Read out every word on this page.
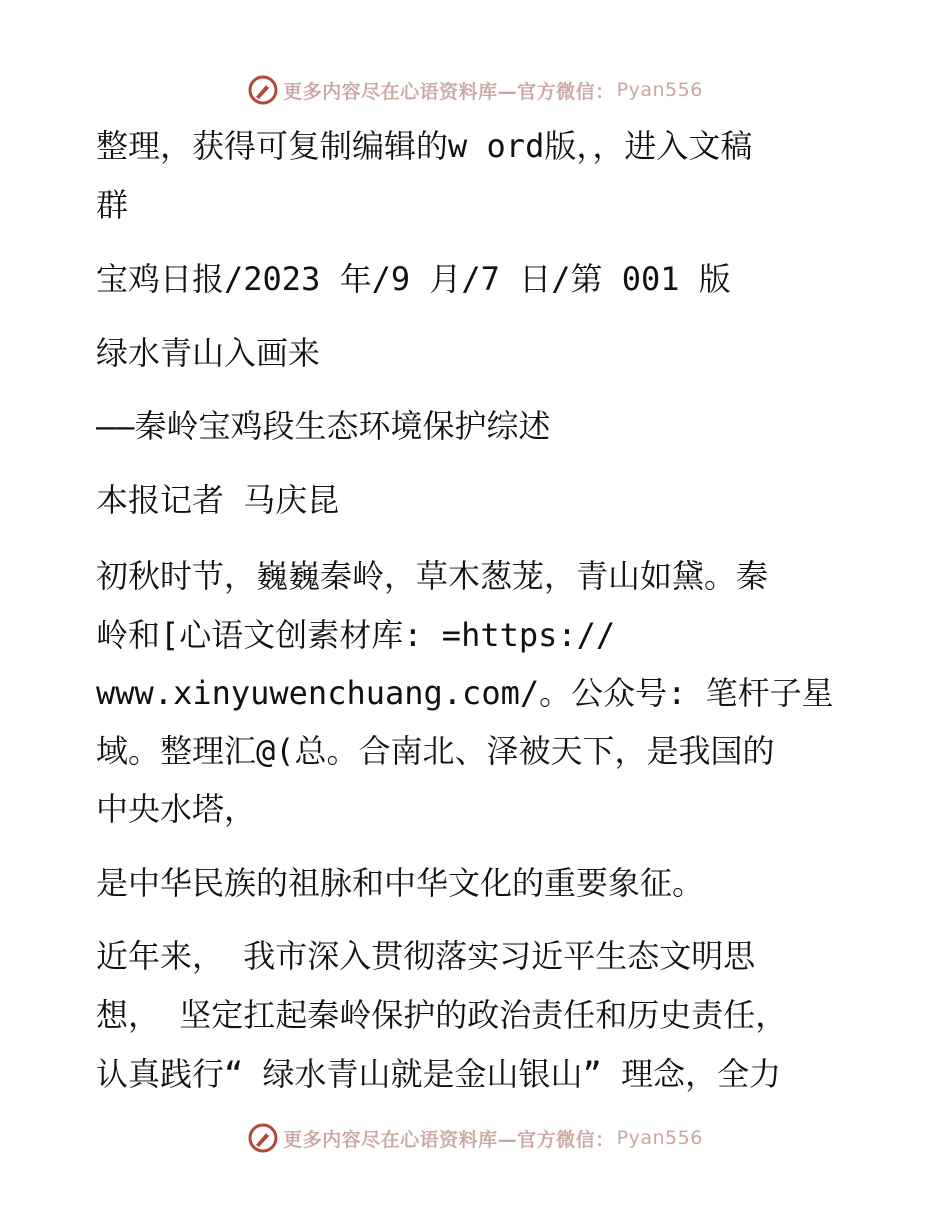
更多内容尽在心语资料库—官方微信： Pyan556
整理，获得可复制编辑的w ord版，，进入文稿
群
宝鸡日报/2023 年/9 月/7 日/第 001 版
绿水青山入画来
——秦岭宝鸡段生态环境保护综述
本报记者 马庆昆
初秋时节，巍巍秦岭，草木葱茏，青山如黛。秦
岭和[心语文创素材库: =https://
www.xinyuwenchuang.com/。公众号: 笔杆子星
域。整理汇@(总。合南北、泽被天下，是我国的
中央水塔，
是中华民族的祖脉和中华文化的重要象征。
近年来， 我市深入贯彻落实习近平生态文明思
想， 坚定扛起秦岭保护的政治责任和历史责任，
认真践行“ 绿水青山就是金山银山” 理念，全力
更多内容尽在心语资料库—官方微信： Pyan556
